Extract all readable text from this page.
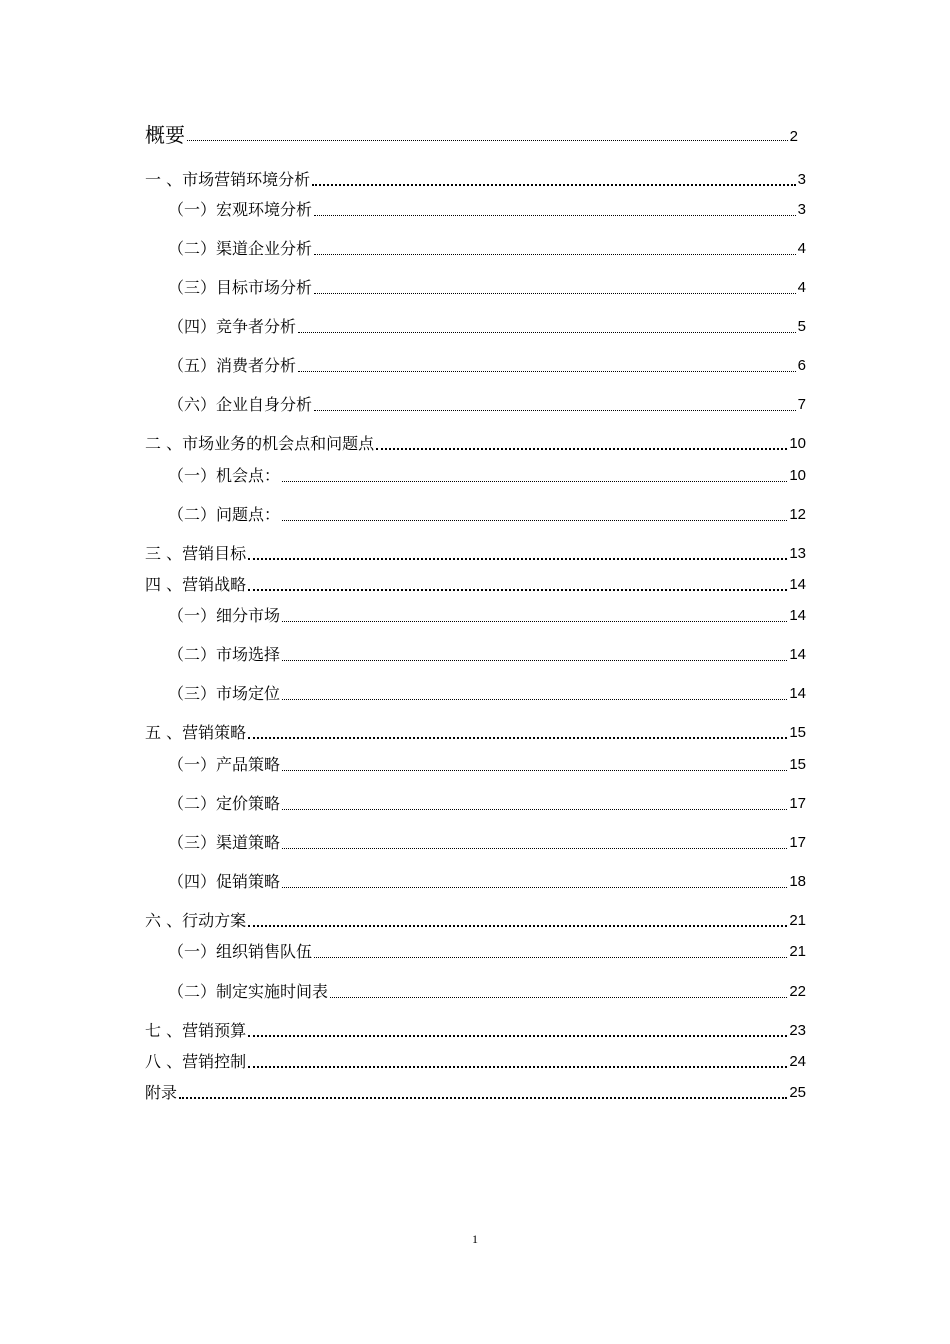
概要	2
一 、市场营销环境分析	3
（一）宏观环境分析	3
（二）渠道企业分析	4
（三）目标市场分析	4
（四）竞争者分析	5
（五）消费者分析	6
（六）企业自身分析	7
二 、市场业务的机会点和问题点	10
（一）机会点：	10
（二）问题点：	12
三 、营销目标	13
四 、营销战略	14
（一）细分市场	14
（二）市场选择	14
（三）市场定位	14
五 、营销策略	15
（一）产品策略	15
（二）定价策略	17
（三）渠道策略	17
（四）促销策略	18
六 、行动方案	21
（一）组织销售队伍	21
（二）制定实施时间表	22
七 、营销预算	23
八 、营销控制	24
附录	25
1
